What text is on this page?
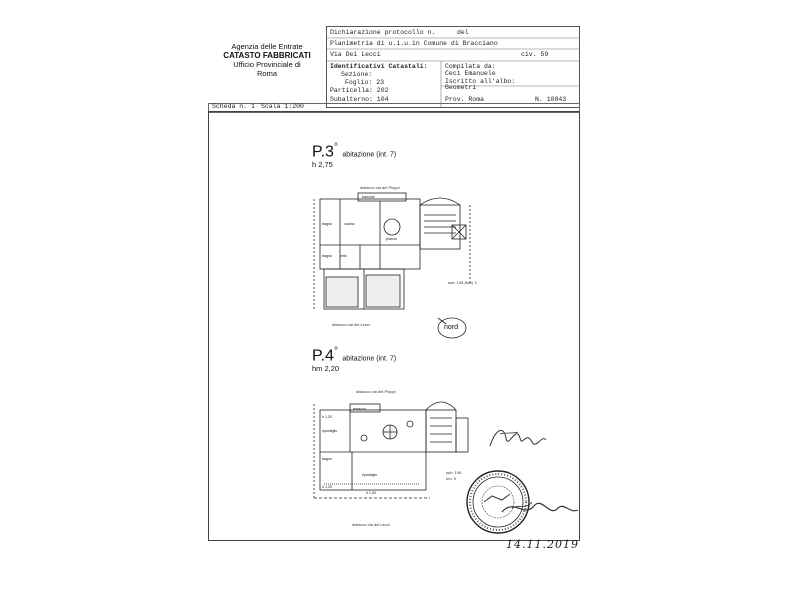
Agenzia delle Entrate
CATASTO FABBRICATI
Ufficio Provinciale di
Roma
Dichiarazione protocollo n.	del
Planimetria di u.i.u.in Comune di Bracciano
Via Dei Lecci	civ. 59
Identificativi Catastali:
Sezione:
Foglio: 23
Particella: 202
Subalterno: 104
Compilata da:
Ceci Emanuele
Iscritto all'albo:
Geometri
Prov. Roma	N. 10043
Scheda n. 1 Scala 1:200
P.3° abitazione (int. 7)
h 2,75
balcone
cucina
bagno
pranzo
bagno letto
distacco via dei Pioppi
distacco via dei Lecci
sub. 106 (bcc) 3
nord
P.4° abitazione (int. 7)
hm 2,20
terrazzo
h 1,20
ripostiglio
bagno
ripostiglio
h 1,20
h 1,00
distacco via dei Pioppi
distacco via dei Lecci
sub. 106
hm. 9
14.11.2019
